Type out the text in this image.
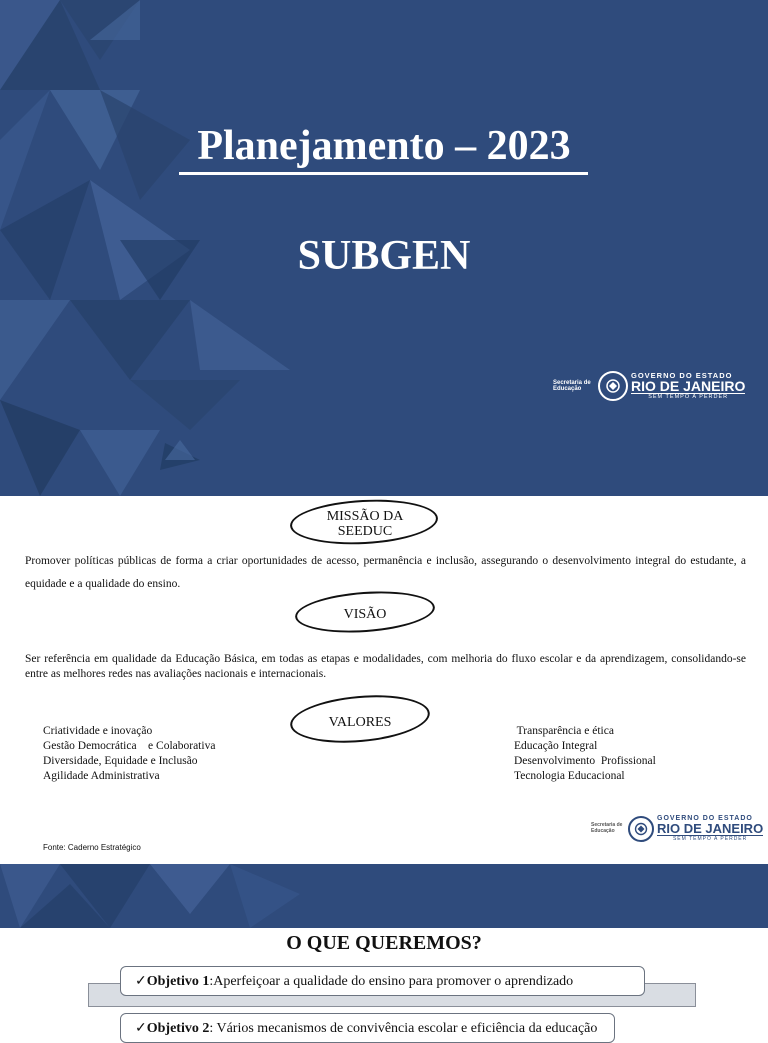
Planejamento – 2023
SUBGEN
Secretaria de Educação
GOVERNO DO ESTADO
RIO DE JANEIRO
SEM TEMPO A PERDER
MISSÃO DA SEEDUC
Promover políticas públicas de forma a criar oportunidades de acesso, permanência e inclusão, assegurando o desenvolvimento integral do estudante, a equidade e a qualidade do ensino.
VISÃO
Ser referência em qualidade da Educação Básica, em todas as etapas e modalidades, com melhoria do fluxo escolar e da aprendizagem, consolidando-se entre as melhores redes nas avaliações nacionais e internacionais.
VALORES
Criatividade e inovação
Gestão Democrática    e Colaborativa
Diversidade, Equidade e Inclusão
Agilidade Administrativa
Transparência e ética
Educação Integral
Desenvolvimento  Profissional
Tecnologia Educacional
Secretaria de Educação
GOVERNO DO ESTADO
RIO DE JANEIRO
SEM TEMPO A PERDER
Fonte: Caderno Estratégico
O QUE QUEREMOS?
✓Objetivo 1:Aperfeiçoar a qualidade do ensino para promover o aprendizado
✓Objetivo 2: Vários mecanismos de convivência escolar e eficiência da educação
